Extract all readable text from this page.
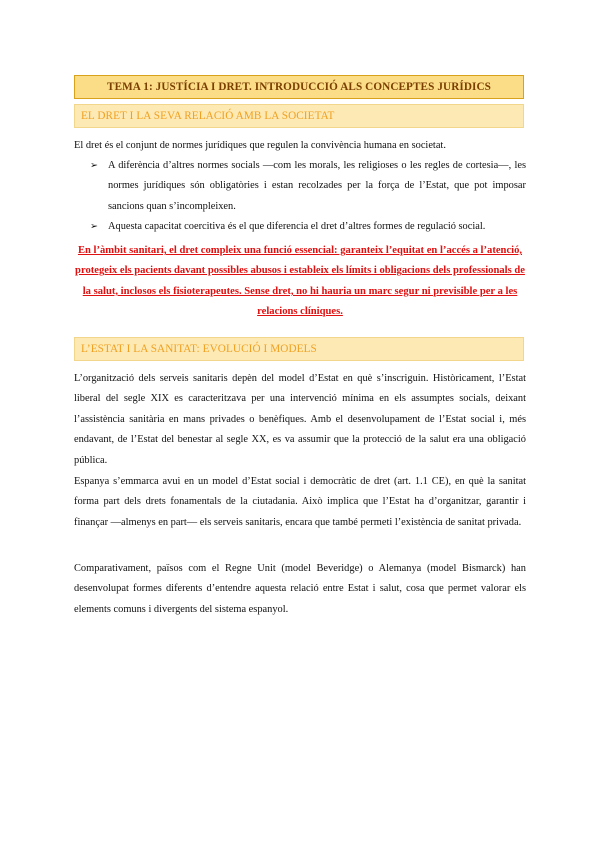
TEMA 1: JUSTÍCIA I DRET. INTRODUCCIÓ ALS CONCEPTES JURÍDICS
EL DRET I LA SEVA RELACIÓ AMB LA SOCIETAT
El dret és el conjunt de normes jurídiques que regulen la convivència humana en societat.
➢ A diferència d’altres normes socials —com les morals, les religioses o les regles de cortesia—, les normes jurídiques són obligatòries i estan recolzades per la força de l’Estat, que pot imposar sancions quan s’incompleixen.
➢ Aquesta capacitat coercitiva és el que diferencia el dret d’altres formes de regulació social.
En l’àmbit sanitari, el dret compleix una funció essencial: garanteix l’equitat en l’accés a l’atenció, protegeix els pacients davant possibles abusos i estableix els límits i obligacions dels professionals de la salut, inclosos els fisioterapeutes. Sense dret, no hi hauria un marc segur ni previsible per a les relacions clíniques.
L’ESTAT I LA SANITAT: EVOLUCIÓ I MODELS
L’organització dels serveis sanitaris depèn del model d’Estat en què s’inscriguin. Històricament, l’Estat liberal del segle XIX es caracteritzava per una intervenció mínima en els assumptes socials, deixant l’assistència sanitària en mans privades o benèfiques. Amb el desenvolupament de l’Estat social i, més endavant, de l’Estat del benestar al segle XX, es va assumir que la protecció de la salut era una obligació pública.
Espanya s’emmarca avui en un model d’Estat social i democràtic de dret (art. 1.1 CE), en què la sanitat forma part dels drets fonamentals de la ciutadania. Això implica que l’Estat ha d’organitzar, garantir i finançar —almenys en part— els serveis sanitaris, encara que també permeti l’existència de sanitat privada.
Comparativament, països com el Regne Unit (model Beveridge) o Alemanya (model Bismarck) han desenvolupat formes diferents d’entendre aquesta relació entre Estat i salut, cosa que permet valorar els elements comuns i divergents del sistema espanyol.
